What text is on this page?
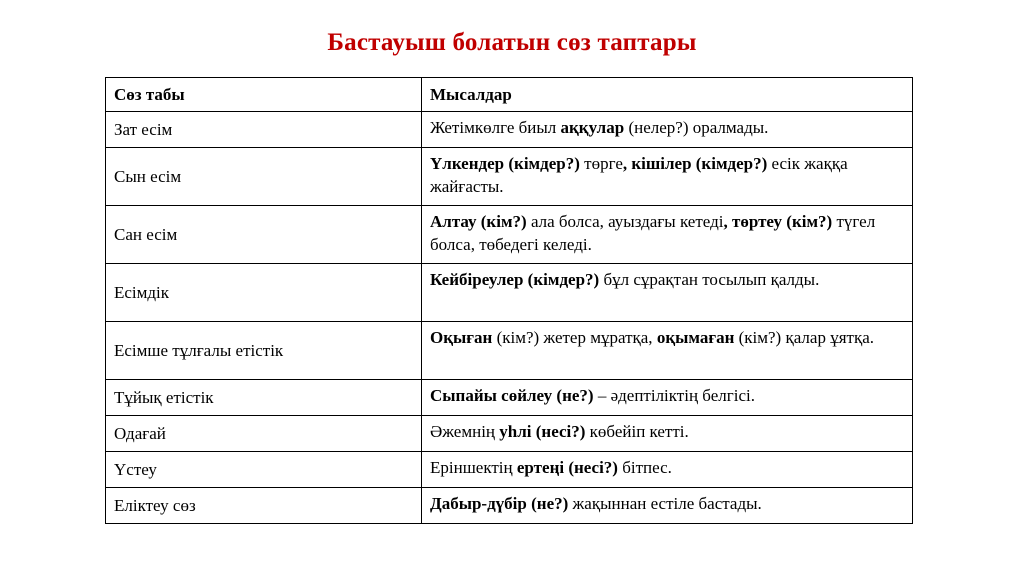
Бастауыш болатын сөз таптары
Сөз табы	Мысалдар
Зат есім	Жетімкөлге биыл аққулар (нелер?) оралмады.
Сын есім	Үлкендер (кімдер?) төрге, кішілер (кімдер?) есік жаққа жайғасты.
Сан есім	Алтау (кім?) ала болса, ауыздағы кетеді, төртеу (кім?) түгел болса, төбедегі келеді.
Есімдік	Кейбіреулер (кімдер?) бұл сұрақтан тосылып қалды.
Есімше тұлғалы етістік	Оқыған (кім?) жетер мұратқа, оқымаған (кім?) қалар ұятқа.
Тұйық етістік	Сыпайы сөйлеу (не?) – әдептіліктің белгісі.
Одағай	Әжемнің уһлі (несі?) көбейіп кетті.
Үстеу	Еріншектің ертеңі (несі?) бітпес.
Еліктеу сөз	Дабыр-дүбір (не?) жақыннан естіле бастады.
